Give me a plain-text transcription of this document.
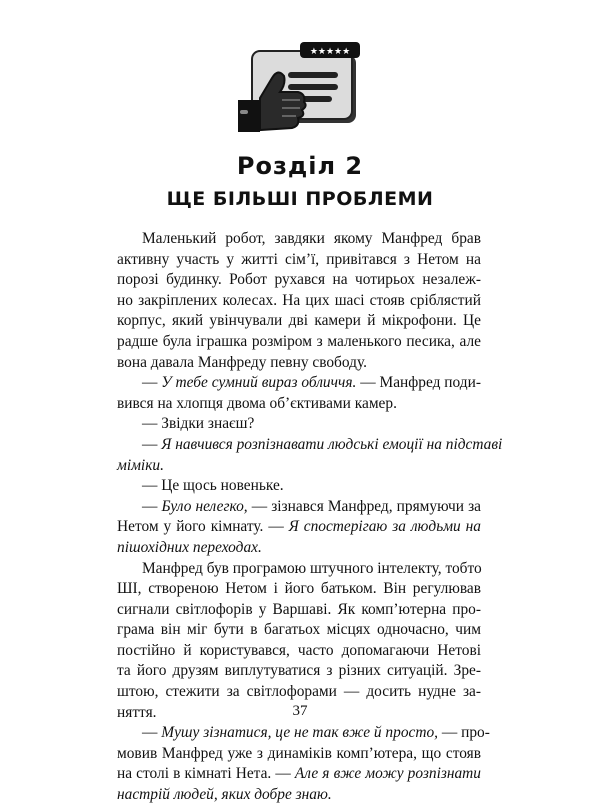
★★★★★
Розділ 2
ЩЕ БІЛЬШІ ПРОБЛЕМИ
Маленький робот, завдяки якому Манфред брав
активну участь у житті сім’ї, привітався з Нетом на
порозі будинку. Робот рухався на чотирьох незалеж-
но закріплених колесах. На цих шасі стояв сріблястий
корпус, який увінчували дві камери й мікрофони. Це
радше була іграшка розміром з маленького песика, але
вона давала Манфреду певну свободу.
— У тебе сумний вираз обличчя. — Манфред поди-
вився на хлопця двома об’єктивами камер.
— Звідки знаєш?
— Я навчився розпізнавати людські емоції на підставі
міміки.
— Це щось новеньке.
— Було нелегко, — зізнався Манфред, прямуючи за
Нетом у його кімнату. — Я спостерігаю за людьми на
пішохідних переходах.
Манфред був програмою штучного інтелекту, тобто
ШІ, створеною Нетом і його батьком. Він регулював
сигнали світлофорів у Варшаві. Як комп’ютерна про-
грама він міг бути в багатьох місцях одночасно, чим
постійно й користувався, часто допомагаючи Нетові
та його друзям виплутуватися з різних ситуацій. Зре-
штою, стежити за світлофорами — досить нудне за-
няття.
— Мушу зізнатися, це не так вже й просто, — про-
мовив Манфред уже з динаміків комп’ютера, що стояв
на столі в кімнаті Нета. — Але я вже можу розпізнати
настрій людей, яких добре знаю.
37
